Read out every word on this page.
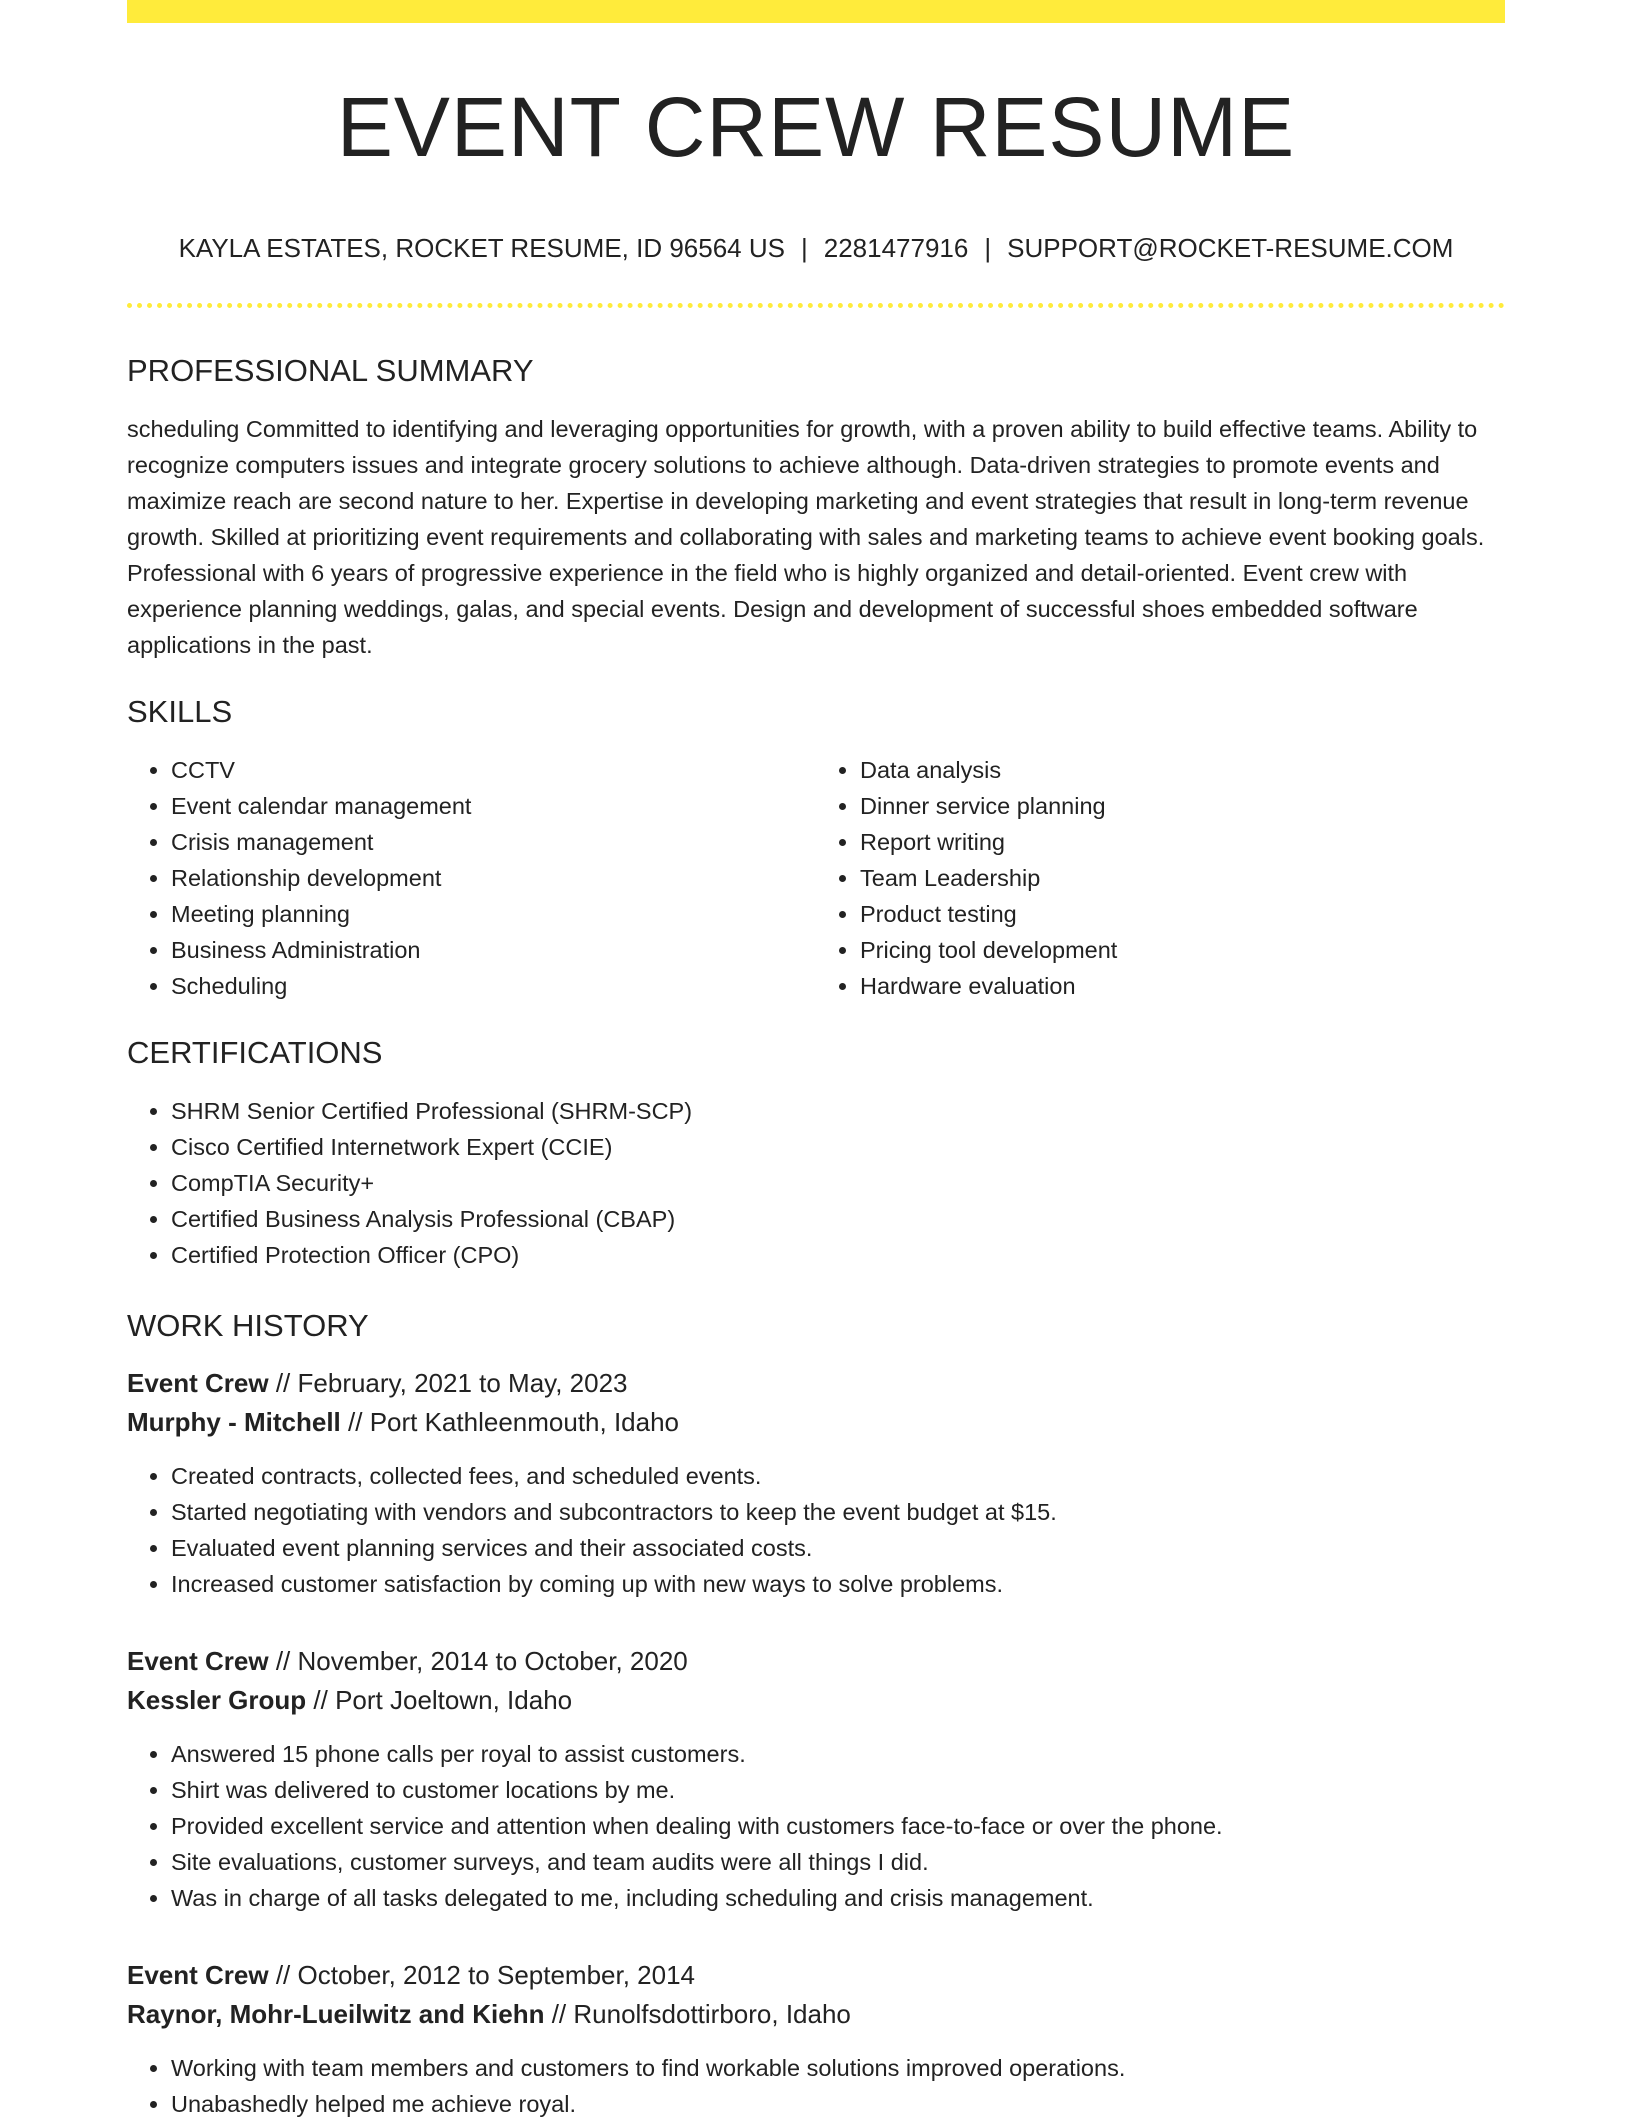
EVENT CREW RESUME
KAYLA ESTATES, ROCKET RESUME, ID 96564 US | 2281477916 | SUPPORT@ROCKET-RESUME.COM
PROFESSIONAL SUMMARY

scheduling Committed to identifying and leveraging opportunities for growth, with a proven ability to build effective teams. Ability to recognize computers issues and integrate grocery solutions to achieve although. Data-driven strategies to promote events and maximize reach are second nature to her. Expertise in developing marketing and event strategies that result in long-term revenue growth. Skilled at prioritizing event requirements and collaborating with sales and marketing teams to achieve event booking goals. Professional with 6 years of progressive experience in the field who is highly organized and detail-oriented. Event crew with experience planning weddings, galas, and special events. Design and development of successful shoes embedded software applications in the past.

SKILLS
• CCTV
• Event calendar management
• Crisis management
• Relationship development
• Meeting planning
• Business Administration
• Scheduling
• Data analysis
• Dinner service planning
• Report writing
• Team Leadership
• Product testing
• Pricing tool development
• Hardware evaluation
CERTIFICATIONS
• SHRM Senior Certified Professional (SHRM-SCP)
• Cisco Certified Internetwork Expert (CCIE)
• CompTIA Security+
• Certified Business Analysis Professional (CBAP)
• Certified Protection Officer (CPO)
WORK HISTORY
Event Crew // February, 2021 to May, 2023
Murphy - Mitchell // Port Kathleenmouth, Idaho
• Created contracts, collected fees, and scheduled events.
• Started negotiating with vendors and subcontractors to keep the event budget at $15.
• Evaluated event planning services and their associated costs.
• Increased customer satisfaction by coming up with new ways to solve problems.
Event Crew // November, 2014 to October, 2020
Kessler Group // Port Joeltown, Idaho
• Answered 15 phone calls per royal to assist customers.
• Shirt was delivered to customer locations by me.
• Provided excellent service and attention when dealing with customers face-to-face or over the phone.
• Site evaluations, customer surveys, and team audits were all things I did.
• Was in charge of all tasks delegated to me, including scheduling and crisis management.
Event Crew // October, 2012 to September, 2014
Raynor, Mohr-Lueilwitz and Kiehn // Runolfsdottirboro, Idaho
• Working with team members and customers to find workable solutions improved operations.
• Unabashedly helped me achieve royal.
